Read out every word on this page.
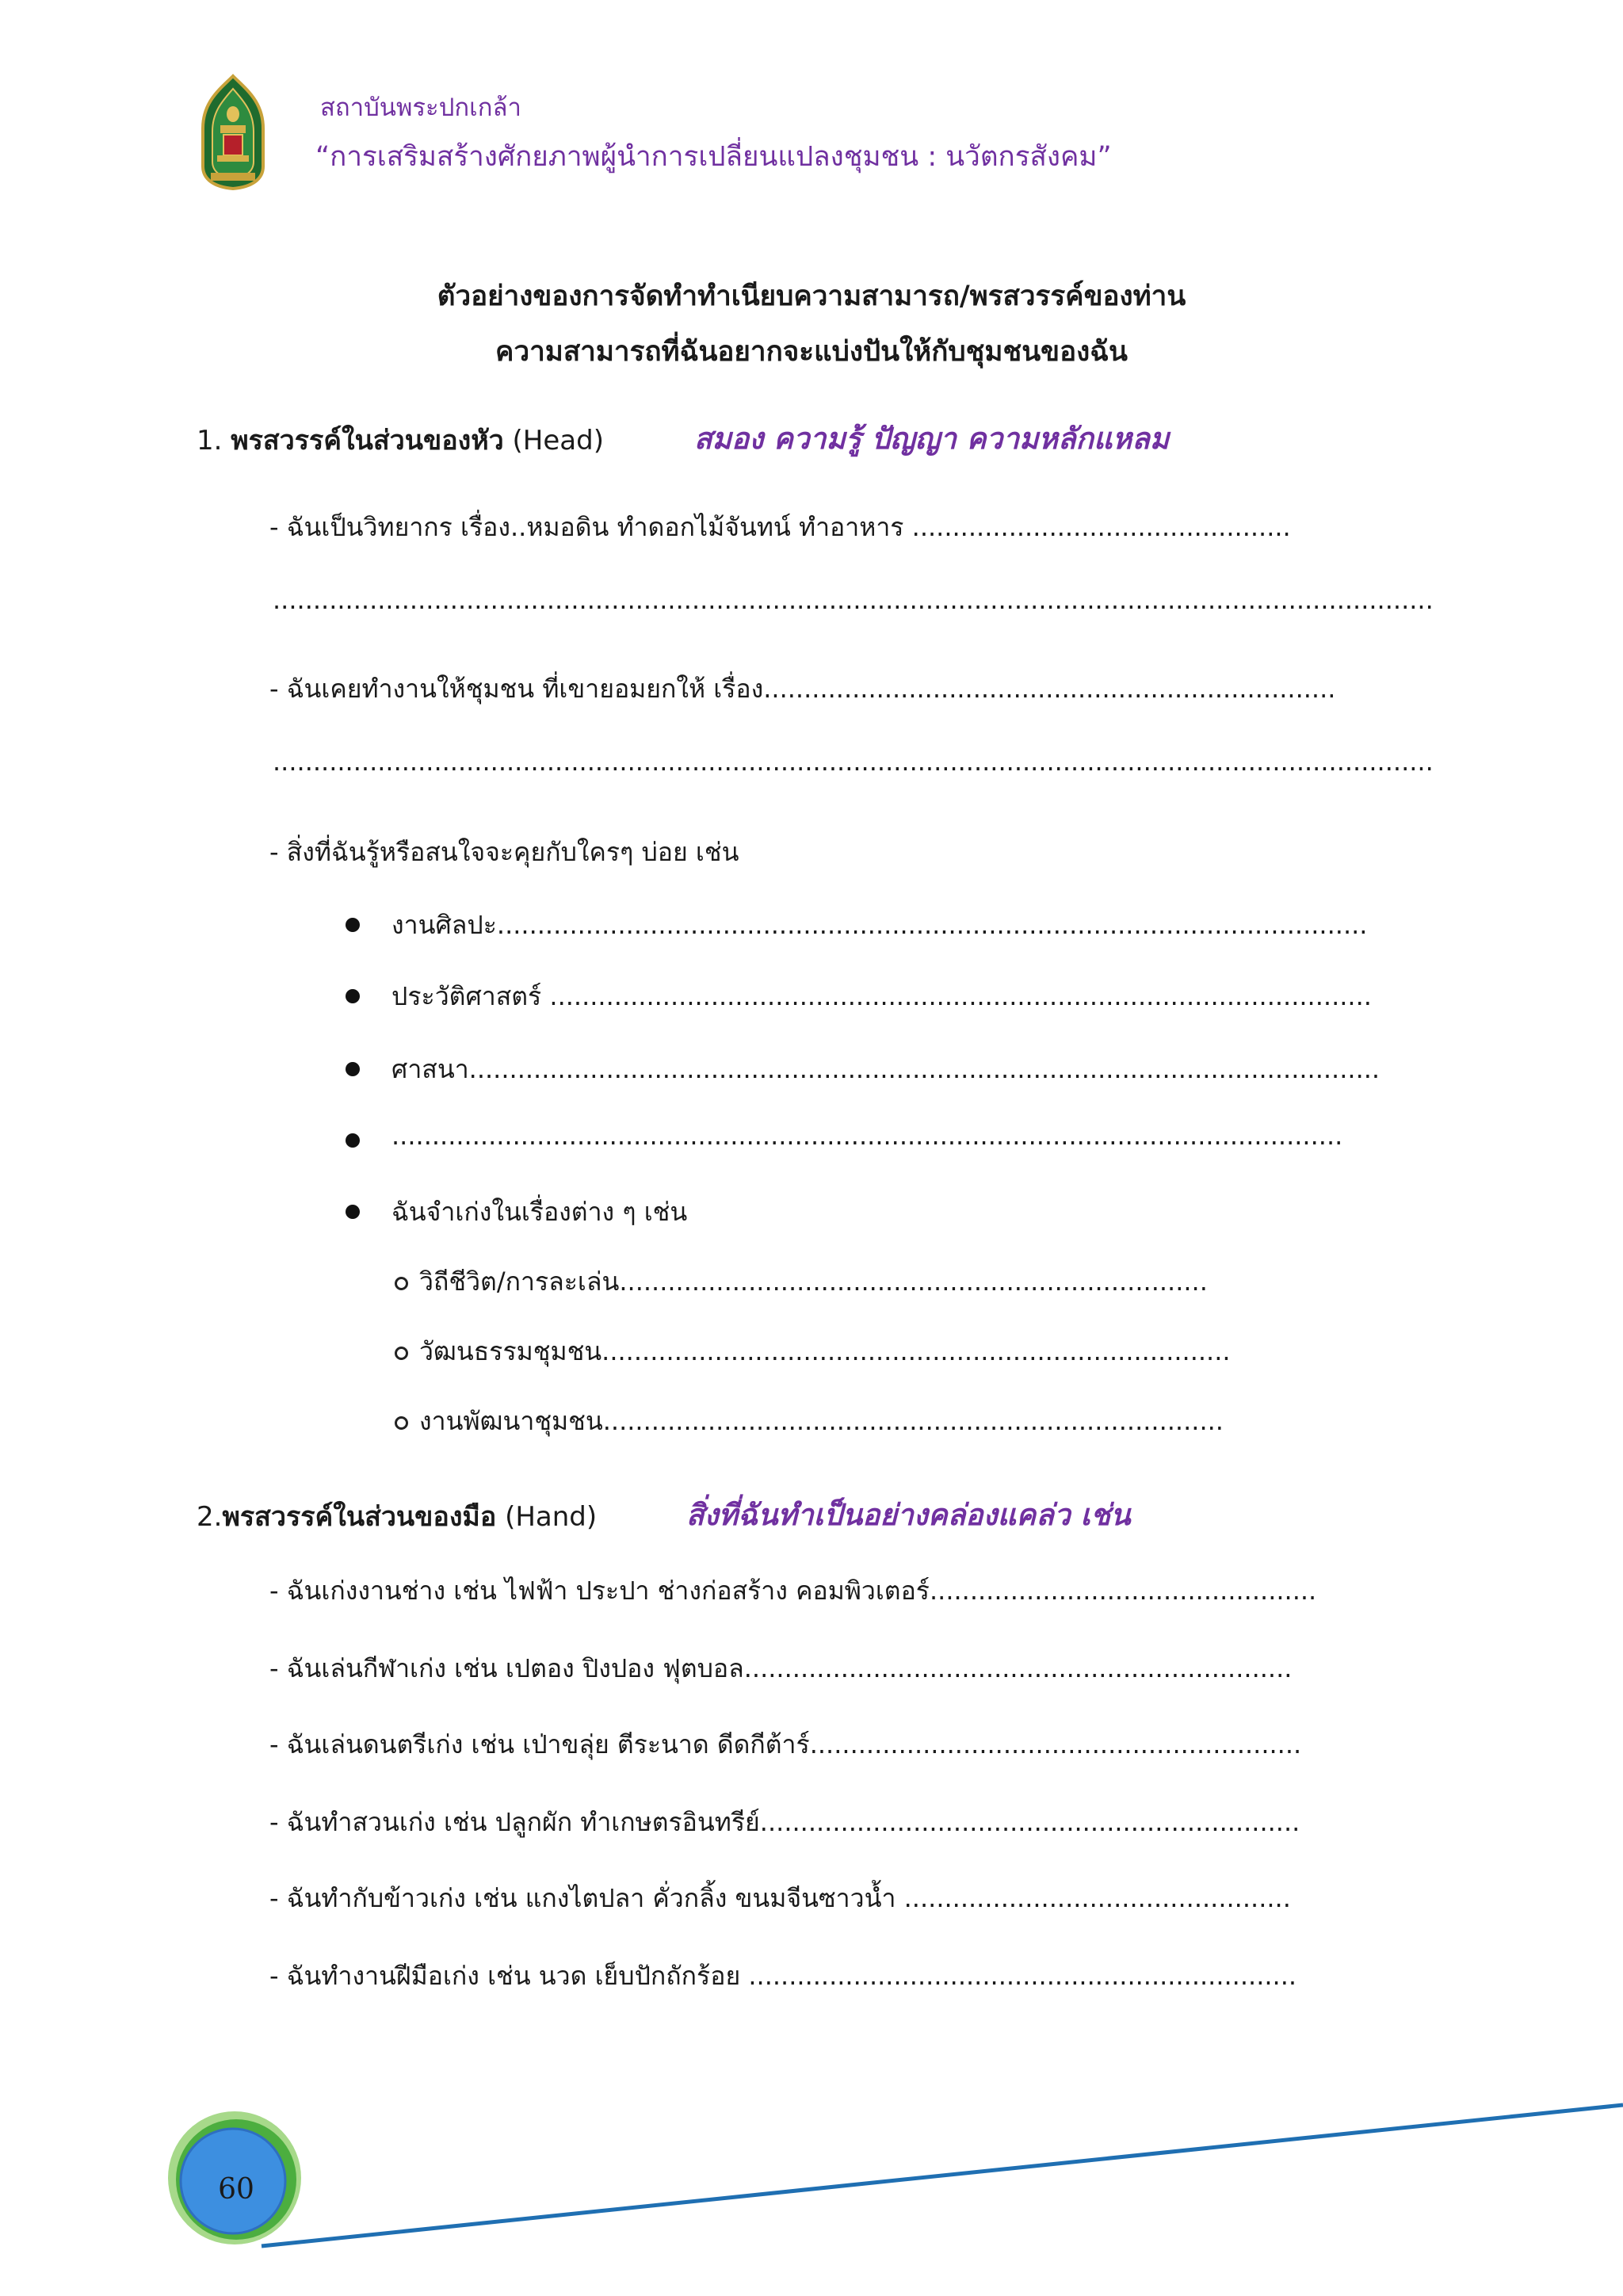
สถาบันพระปกเกล้า
“การเสริมสร้างศักยภาพผู้นำการเปลี่ยนแปลงชุมชน : นวัตกรสังคม”
ตัวอย่างของการจัดทำทำเนียบความสามารถ/พรสวรรค์ของท่าน
ความสามารถที่ฉันอยากจะแบ่งปันให้กับชุมชนของฉัน
1. พรสวรรค์ในส่วนของหัว (Head)	สมอง ความรู้ ปัญญา ความหลักแหลม
- ฉันเป็นวิทยากร เรื่อง..หมอดิน ทำดอกไม้จันทน์ ทำอาหาร ...............................................
................................................................................................................................................
- ฉันเคยทำงานให้ชุมชน ที่เขายอมยกให้ เรื่อง.......................................................................
................................................................................................................................................
- สิ่งที่ฉันรู้หรือสนใจจะคุยกับใครๆ บ่อย เช่น
งานศิลปะ............................................................................................................
ประวัติศาสตร์ ......................................................................................................
ศาสนา.................................................................................................................
......................................................................................................................
ฉันจำเก่งในเรื่องต่าง ๆ เช่น
วิถีชีวิต/การละเล่น.........................................................................
วัฒนธรรมชุมชน..............................................................................
งานพัฒนาชุมชน.............................................................................
2.พรสวรรค์ในส่วนของมือ (Hand)	สิ่งที่ฉันทำเป็นอย่างคล่องแคล่ว เช่น
- ฉันเก่งงานช่าง เช่น ไฟฟ้า ประปา ช่างก่อสร้าง คอมพิวเตอร์................................................
- ฉันเล่นกีฬาเก่ง เช่น เปตอง ปิงปอง ฟุตบอล....................................................................
- ฉันเล่นดนตรีเก่ง เช่น เป่าขลุ่ย ตีระนาด ดีดกีต้าร์.............................................................
- ฉันทำสวนเก่ง เช่น ปลูกผัก ทำเกษตรอินทรีย์...................................................................
- ฉันทำกับข้าวเก่ง เช่น แกงไตปลา คั่วกลิ้ง ขนมจีนซาวน้ำ ................................................
- ฉันทำงานฝีมือเก่ง เช่น นวด เย็บปักถักร้อย ....................................................................
60
